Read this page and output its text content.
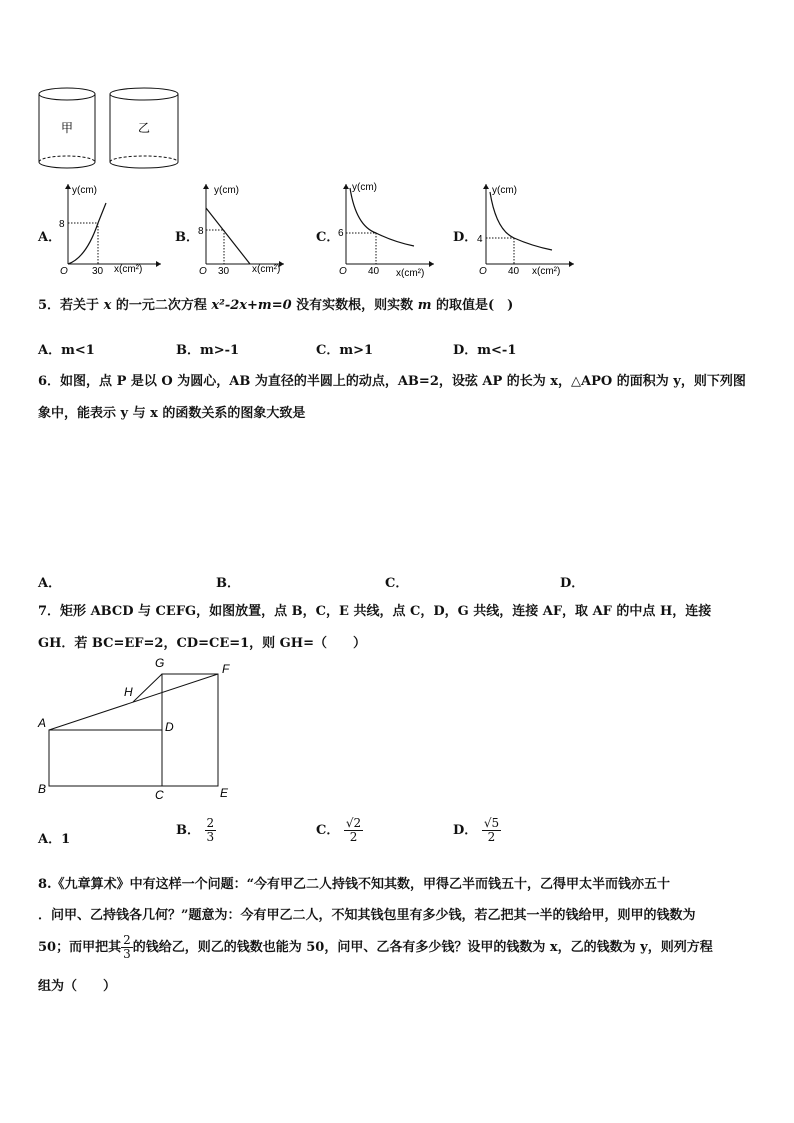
甲	乙
A．
y(cm)
x(cm²)
O
8
30
B．
y(cm)
x(cm²)
O
8
30
C．
y(cm)
x(cm²)
O
6
40
D．
y(cm)
x(cm²)
O
4
40
5．若关于 x 的一元二次方程 x²-2x+m=0 没有实数根，则实数 m 的取值是(　)
A．m<1	B．m>-1	C．m>1	D．m<-1
6．如图，点 P 是以 O 为圆心，AB 为直径的半圆上的动点，AB=2，设弦 AP 的长为 x，△APO 的面积为 y，则下列图
象中，能表示 y 与 x 的函数关系的图象大致是
A．	B．	C．	D．
7．矩形 ABCD 与 CEFG，如图放置，点 B，C，E 共线，点 C，D，G 共线，连接 AF，取 AF 的中点 H，连接
GH．若 BC=EF=2，CD=CE=1，则 GH=（　　）
A
B	C
D
E
F
G
H
A．1
B． $\frac{2}{3}$	C． $\frac{√2}{2}$	D． $\frac{√5}{2}$
8.《九章算术》中有这样一个问题：“今有甲乙二人持钱不知其数，甲得乙半而钱五十，乙得甲太半而钱亦五十
．问甲、乙持钱各几何？”题意为：今有甲乙二人，不知其钱包里有多少钱，若乙把其一半的钱给甲，则甲的钱数为
50；而甲把其 $\frac{2}{3}$ 的钱给乙，则乙的钱数也能为 50，问甲、乙各有多少钱？设甲的钱数为 x，乙的钱数为 y，则列方程
组为（　　）
